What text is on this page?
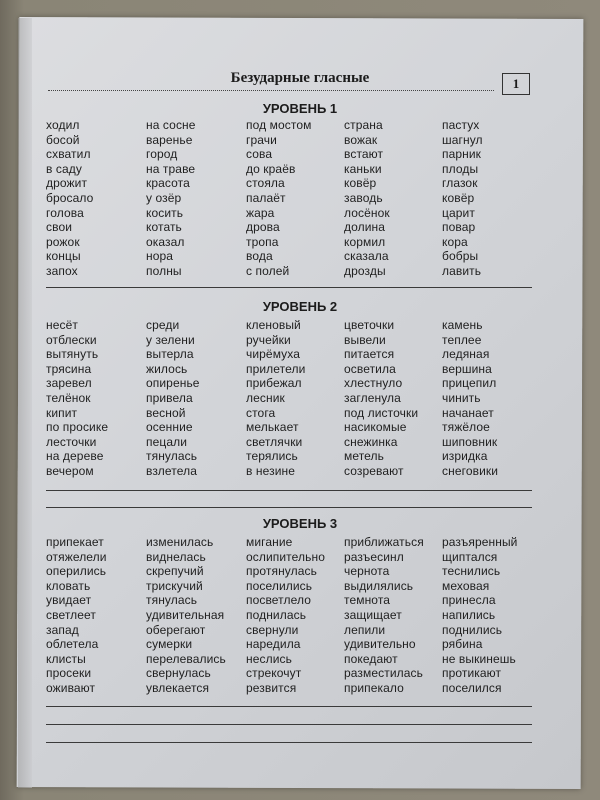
Безударные гласные	1
УРОВЕНЬ 1
ходил
босой
схватил
в саду
дрожит
бросало
голова
свои
рожок
концы
запох
на сосне
варенье
город
на траве
красота
у озёр
косить
котать
оказал
нора
полны
под мостом
грачи
сова
до краёв
стояла
палаёт
жара
дрова
тропа
вода
с полей
страна
вожак
встают
каньки
ковёр
заводь
лосёнок
долина
кормил
сказала
дрозды
пастух
шагнул
парник
плоды
глазок
ковёр
царит
повар
кора
бобры
лавить
УРОВЕНЬ 2
несёт
отблески
вытянуть
трясина
заревел
телёнок
кипит
по просике
лесточки
на дереве
вечером
среди
у зелени
вытерла
жилось
опиренье
привела
весной
осенние
пецали
тянулась
взлетела
кленовый
ручейки
чирёмуха
прилетели
прибежал
лесник
стога
мелькает
светлячки
терялись
в незине
цветочки
вывели
питается
осветила
хлестнуло
загленула
под листочки
насикомые
снежинка
метель
созревают
камень
теплее
ледяная
вершина
прицепил
чинить
начанает
тяжёлое
шиповник
изридка
снеговики
УРОВЕНЬ 3
припекает
отяжелели
оперились
кловать
увидает
светлеет
запад
облетела
клисты
просеки
оживают
изменилась
виднелась
скрепучий
трискучий
тянулась
удивительная
оберегают
сумерки
перелевались
свернулась
увлекается
мигание
ослипительно
протянулась
поселились
посветлело
поднилась
свернули
наредила
неслись
стрекочут
резвится
приближаться
разъесинл
чернота
выдилялись
темнота
защищает
лепили
удивительно
покедают
разместилась
припекало
разъяренный
щиптался
теснились
меховая
принесла
напились
поднились
рябина
не выкинешь
протикают
поселился
